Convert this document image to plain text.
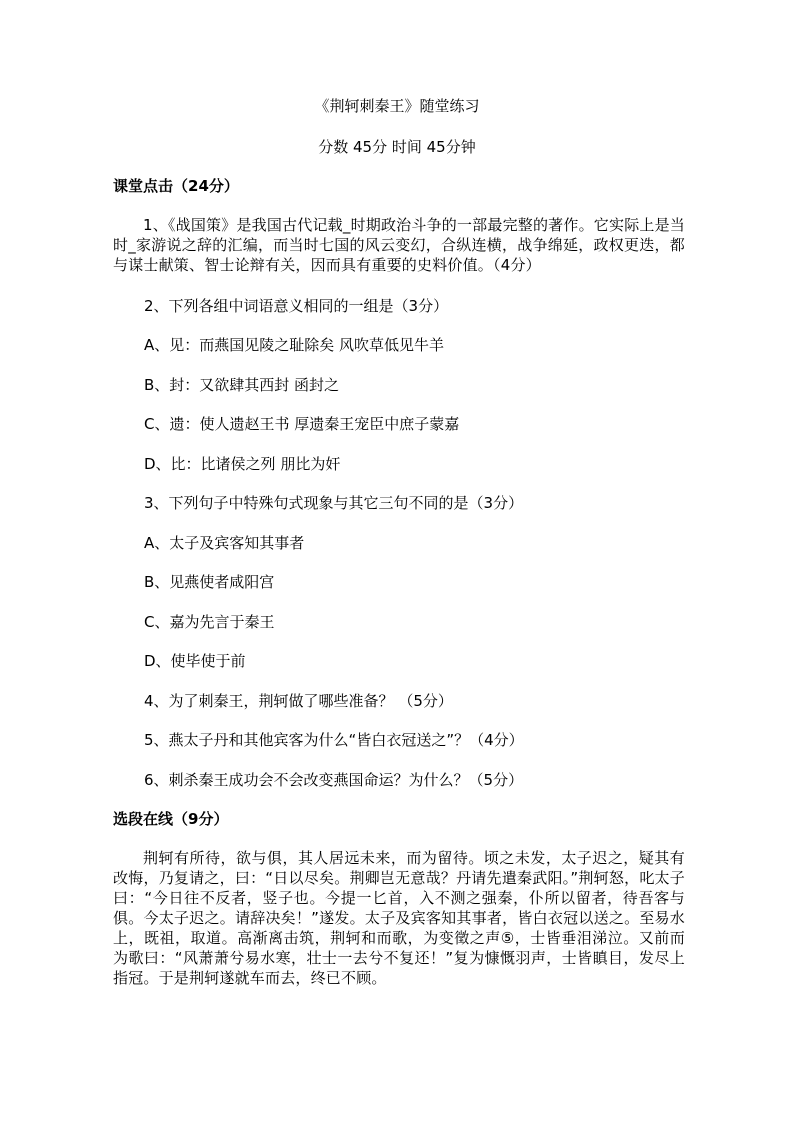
《荆轲刺秦王》随堂练习
分数 45分 时间 45分钟
课堂点击（24分）
1、《战国策》是我国古代记载_时期政治斗争的一部最完整的著作。它实际上是当时_家游说之辞的汇编，而当时七国的风云变幻，合纵连横，战争绵延，政权更迭，都与谋士献策、智士论辩有关，因而具有重要的史料价值。（4分）
2、下列各组中词语意义相同的一组是（3分）
A、见：而燕国见陵之耻除矣 风吹草低见牛羊
B、封：又欲肆其西封 函封之
C、遗：使人遗赵王书 厚遗秦王宠臣中庶子蒙嘉
D、比：比诸侯之列 朋比为奸
3、下列句子中特殊句式现象与其它三句不同的是（3分）
A、太子及宾客知其事者
B、见燕使者咸阳宫
C、嘉为先言于秦王
D、使毕使于前
4、为了刺秦王，荆轲做了哪些准备？ （5分）
5、燕太子丹和其他宾客为什么“皆白衣冠送之”？（4分）
6、刺杀秦王成功会不会改变燕国命运？为什么？（5分）
选段在线（9分）
荆轲有所待，欲与俱，其人居远未来，而为留待。顷之未发，太子迟之，疑其有改悔，乃复请之，曰：“日以尽矣。荆卿岂无意哉？丹请先遣秦武阳。”荆轲怒，叱太子曰：“今日往不反者，竖子也。今提一匕首，入不测之强秦，仆所以留者，待吾客与俱。今太子迟之。请辞决矣！”遂发。太子及宾客知其事者，皆白衣冠以送之。至易水上，既祖，取道。高渐离击筑，荆轲和而歌，为变徵之声⑤，士皆垂泪涕泣。又前而为歌曰：“风萧萧兮易水寒，壮士一去兮不复还！”复为慷慨羽声，士皆瞋目，发尽上指冠。于是荆轲遂就车而去，终已不顾。
